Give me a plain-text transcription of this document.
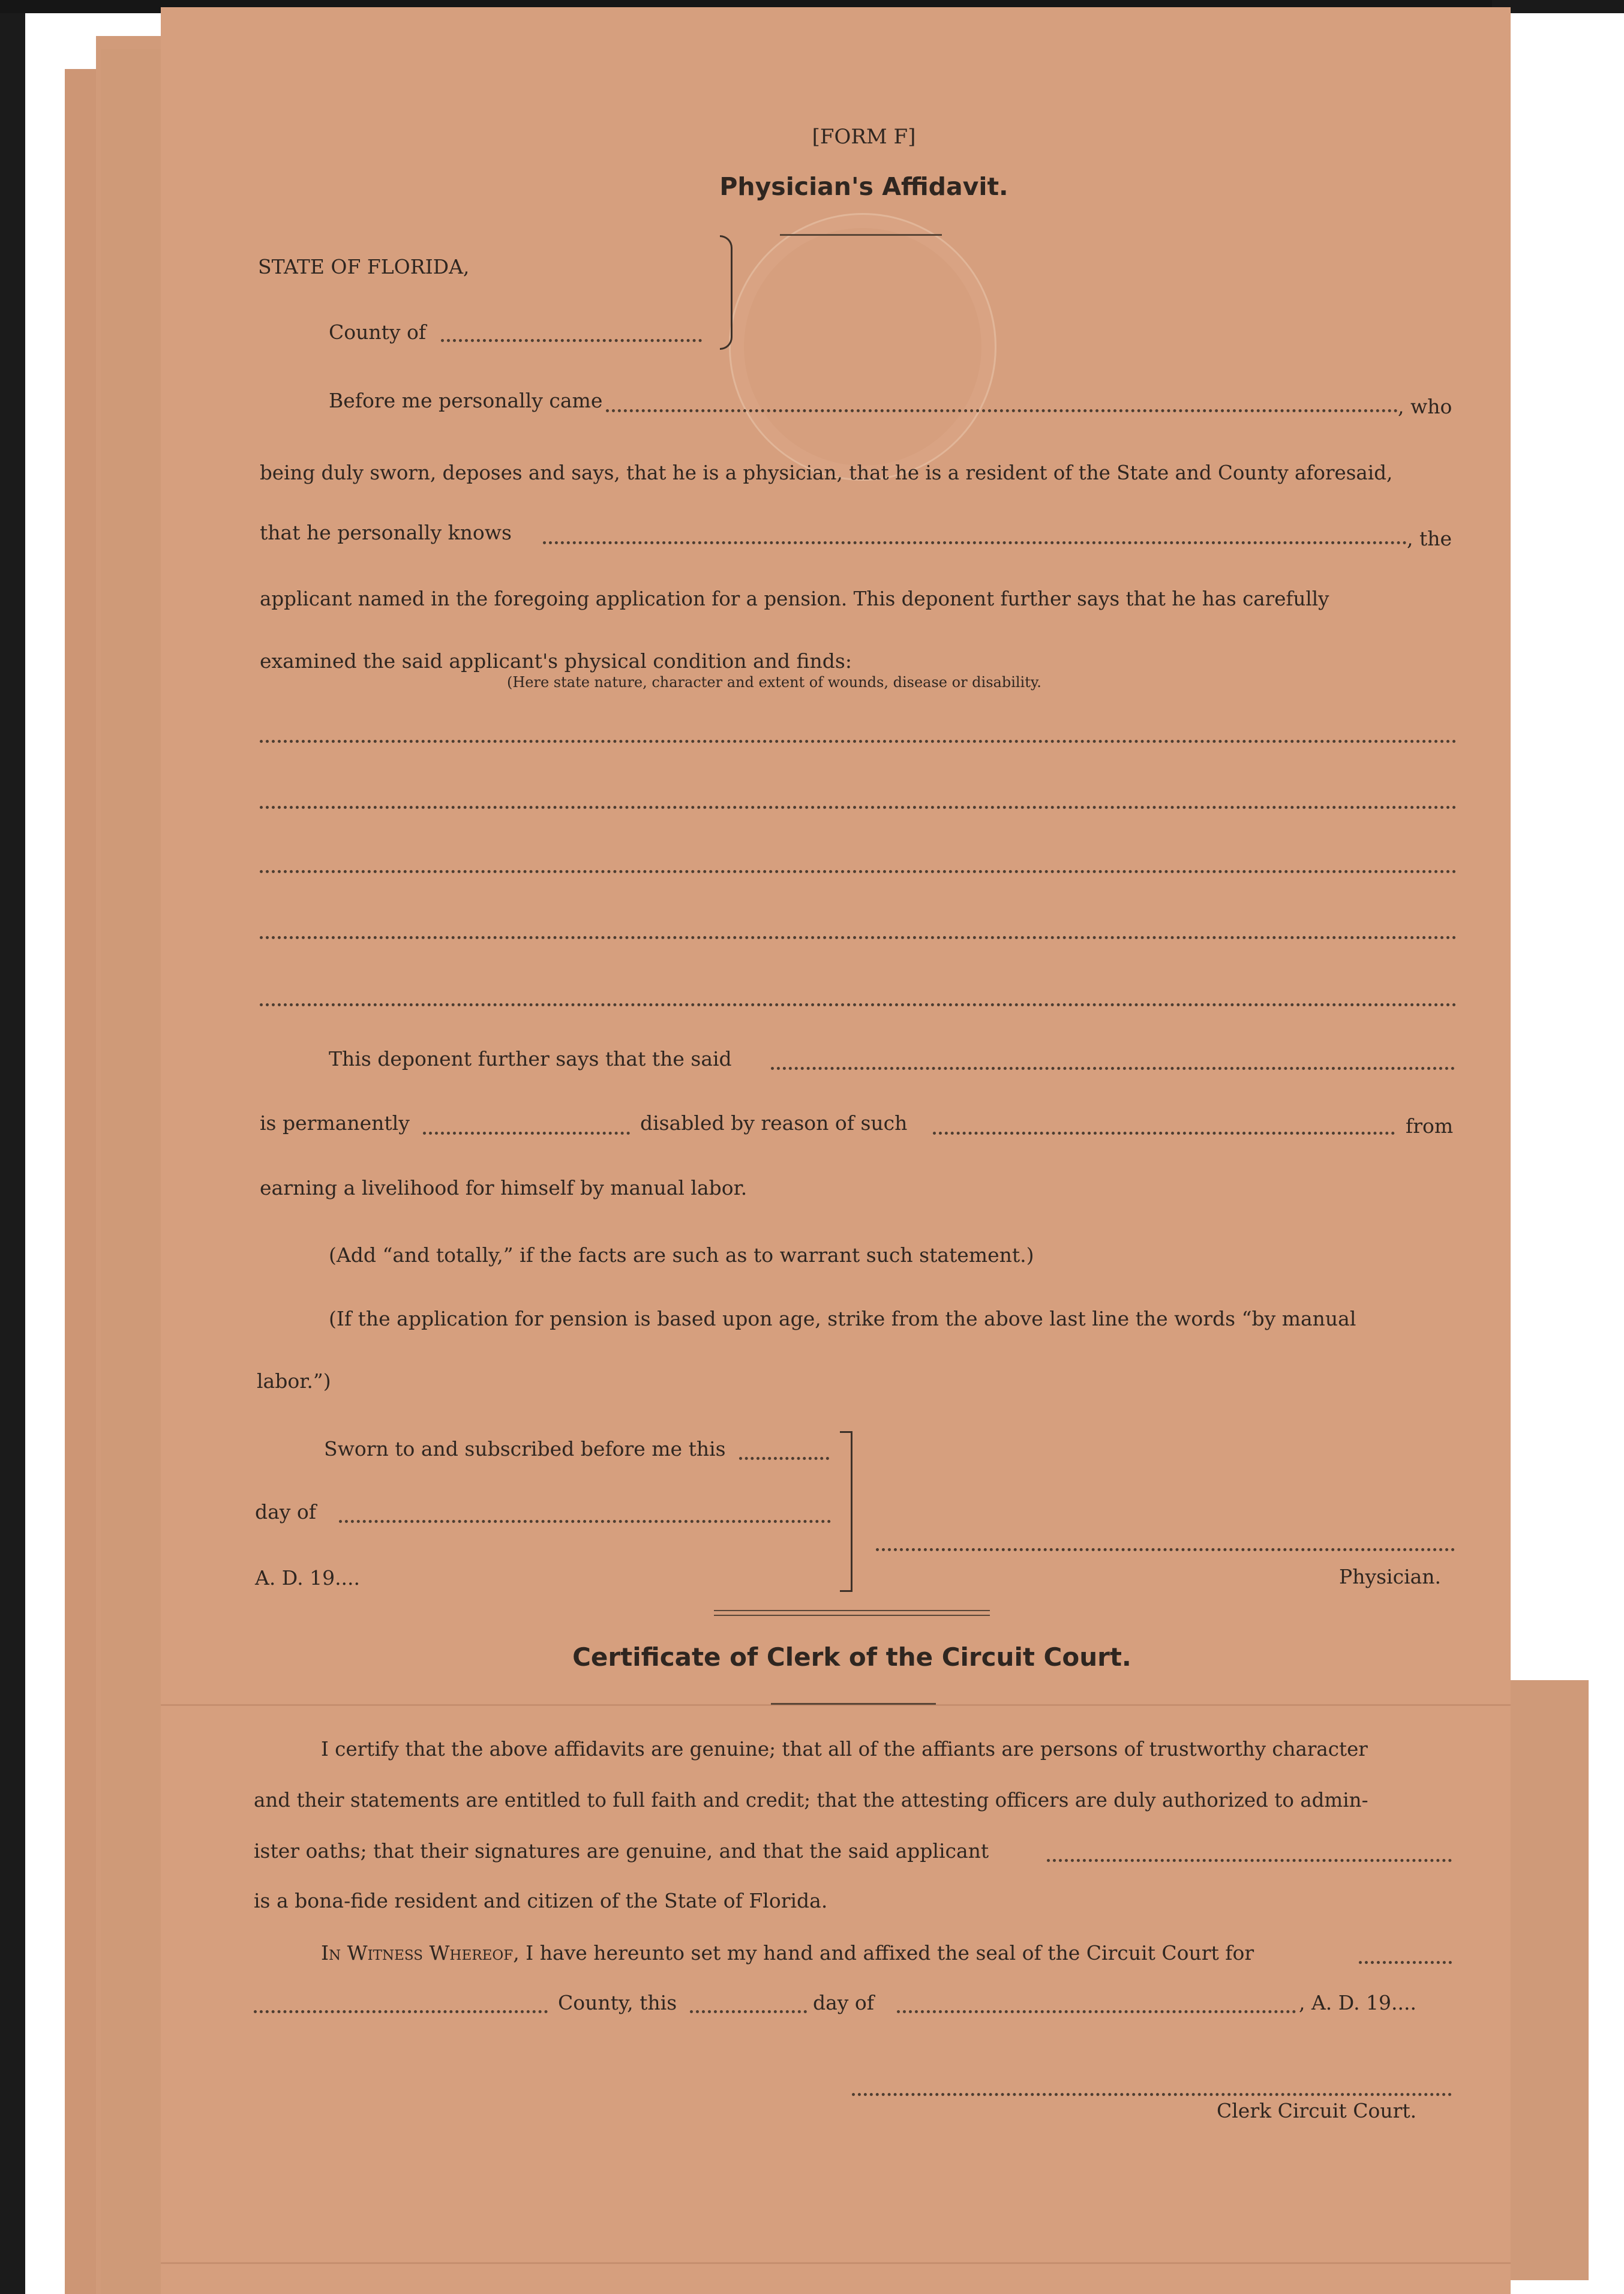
[FORM F]
Physician's Affidavit.
STATE OF FLORIDA,
County of
Before me personally came	, who
being duly sworn, deposes and says, that he is a physician, that he is a resident of the State and County aforesaid,
that he personally knows	, the
applicant named in the foregoing application for a pension. This deponent further says that he has carefully
examined the said applicant's physical condition and finds:
(Here state nature, character and extent of wounds, disease or disability.
This deponent further says that the said
is permanently	disabled by reason of such	from
earning a livelihood for himself by manual labor.
(Add “and totally,” if the facts are such as to warrant such statement.)
(If the application for pension is based upon age, strike from the above last line the words “by manual
labor.”)
Sworn to and subscribed before me this
day of
A. D. 19....	Physician.
Certificate of Clerk of the Circuit Court.
I certify that the above affidavits are genuine; that all of the affiants are persons of trustworthy character
and their statements are entitled to full faith and credit; that the attesting officers are duly authorized to admin-
ister oaths; that their signatures are genuine, and that the said applicant
is a bona-fide resident and citizen of the State of Florida.
In Witness Whereof, I have hereunto set my hand and affixed the seal of the Circuit Court for
County, this	day of	, A. D. 19....
Clerk Circuit Court.
